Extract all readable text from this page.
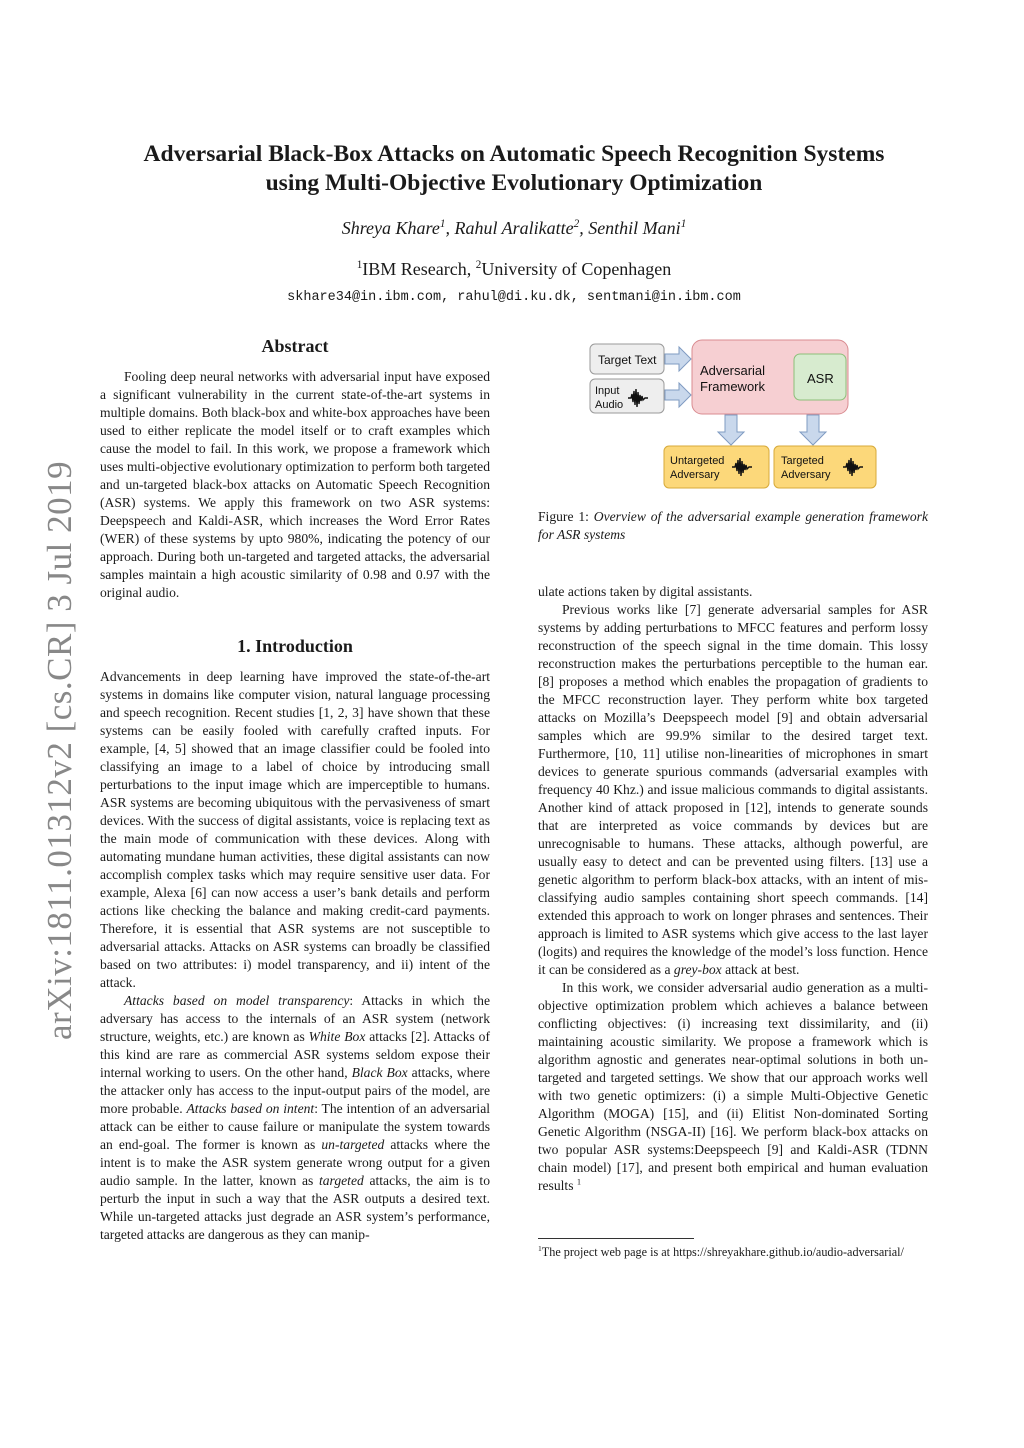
arXiv:1811.01312v2 [cs.CR] 3 Jul 2019
Adversarial Black-Box Attacks on Automatic Speech Recognition Systems
using Multi-Objective Evolutionary Optimization
Shreya Khare$^1$, Rahul Aralikatte$^2$, Senthil Mani$^1$
$^1$IBM Research, $^2$University of Copenhagen
skhare34@in.ibm.com, rahul@di.ku.dk, sentmani@in.ibm.com
Abstract

Fooling deep neural networks with adversarial input have exposed a significant vulnerability in the current state-of-the-art systems in multiple domains. Both black-box and white-box approaches have been used to either replicate the model itself or to craft examples which cause the model to fail. In this work, we propose a framework which uses multi-objective evolutionary optimization to perform both targeted and un-targeted black-box attacks on Automatic Speech Recognition (ASR) systems. We apply this framework on two ASR systems: Deepspeech and Kaldi-ASR, which increases the Word Error Rates (WER) of these systems by upto 980%, indicating the potency of our approach. During both un-targeted and targeted attacks, the adversarial samples maintain a high acoustic similarity of 0.98 and 0.97 with the original audio.

1. Introduction

Advancements in deep learning have improved the state-of-the-art systems in domains like computer vision, natural language processing and speech recognition. Recent studies [1, 2, 3] have shown that these systems can be easily fooled with carefully crafted inputs. For example, [4, 5] showed that an image classifier could be fooled into classifying an image to a label of choice by introducing small perturbations to the input image which are imperceptible to humans. ASR systems are becoming ubiquitous with the pervasiveness of smart devices. With the success of digital assistants, voice is replacing text as the main mode of communication with these devices. Along with automating mundane human activities, these digital assistants can now accomplish complex tasks which may require sensitive user data. For example, Alexa [6] can now access a user’s bank details and perform actions like checking the balance and making credit-card payments. Therefore, it is essential that ASR systems are not susceptible to adversarial attacks. Attacks on ASR systems can broadly be classified based on two attributes: i) model transparency, and ii) intent of the attack.

Attacks based on model transparency: Attacks in which the adversary has access to the internals of an ASR system (network structure, weights, etc.) are known as White Box attacks [2]. Attacks of this kind are rare as commercial ASR systems seldom expose their internal working to users. On the other hand, Black Box attacks, where the attacker only has access to the input-output pairs of the model, are more probable. Attacks based on intent: The intention of an adversarial attack can be either to cause failure or manipulate the system towards an end-goal. The former is known as un-targeted attacks where the intent is to make the ASR system generate wrong output for a given audio sample. In the latter, known as targeted attacks, the aim is to perturb the input in such a way that the ASR outputs a desired text. While un-targeted attacks just degrade an ASR system’s performance, targeted attacks are dangerous as they can manip-

Target Text
Input
Audio
Adversarial
Framework
ASR
Untargeted
Adversary
Targeted
Adversary
Figure 1: Overview of the adversarial example generation framework for ASR systems

ulate actions taken by digital assistants.

Previous works like [7] generate adversarial samples for ASR systems by adding perturbations to MFCC features and perform lossy reconstruction of the speech signal in the time domain. This lossy reconstruction makes the perturbations perceptible to the human ear. [8] proposes a method which enables the propagation of gradients to the MFCC reconstruction layer. They perform white box targeted attacks on Mozilla’s Deepspeech model [9] and obtain adversarial samples which are 99.9% similar to the desired target text. Furthermore, [10, 11] utilise non-linearities of microphones in smart devices to generate spurious commands (adversarial examples with frequency 40 Khz.) and issue malicious commands to digital assistants. Another kind of attack proposed in [12], intends to generate sounds that are interpreted as voice commands by devices but are unrecognisable to humans. These attacks, although powerful, are usually easy to detect and can be prevented using filters. [13] use a genetic algorithm to perform black-box attacks, with an intent of mis-classifying audio samples containing short speech commands. [14] extended this approach to work on longer phrases and sentences. Their approach is limited to ASR systems which give access to the last layer (logits) and requires the knowledge of the model’s loss function. Hence it can be considered as a grey-box attack at best.

In this work, we consider adversarial audio generation as a multi-objective optimization problem which achieves a balance between conflicting objectives: (i) increasing text dissimilarity, and (ii) maintaining acoustic similarity. We propose a framework which is algorithm agnostic and generates near-optimal solutions in both un-targeted and targeted settings. We show that our approach works well with two genetic optimizers: (i) a simple Multi-Objective Genetic Algorithm (MOGA) [15], and (ii) Elitist Non-dominated Sorting Genetic Algorithm (NSGA-II) [16]. We perform black-box attacks on two popular ASR systems:Deepspeech [9] and Kaldi-ASR (TDNN chain model) [17], and present both empirical and human evaluation results $^1$

$^1$The project web page is at https://shreyakhare.github.io/audio-adversarial/
